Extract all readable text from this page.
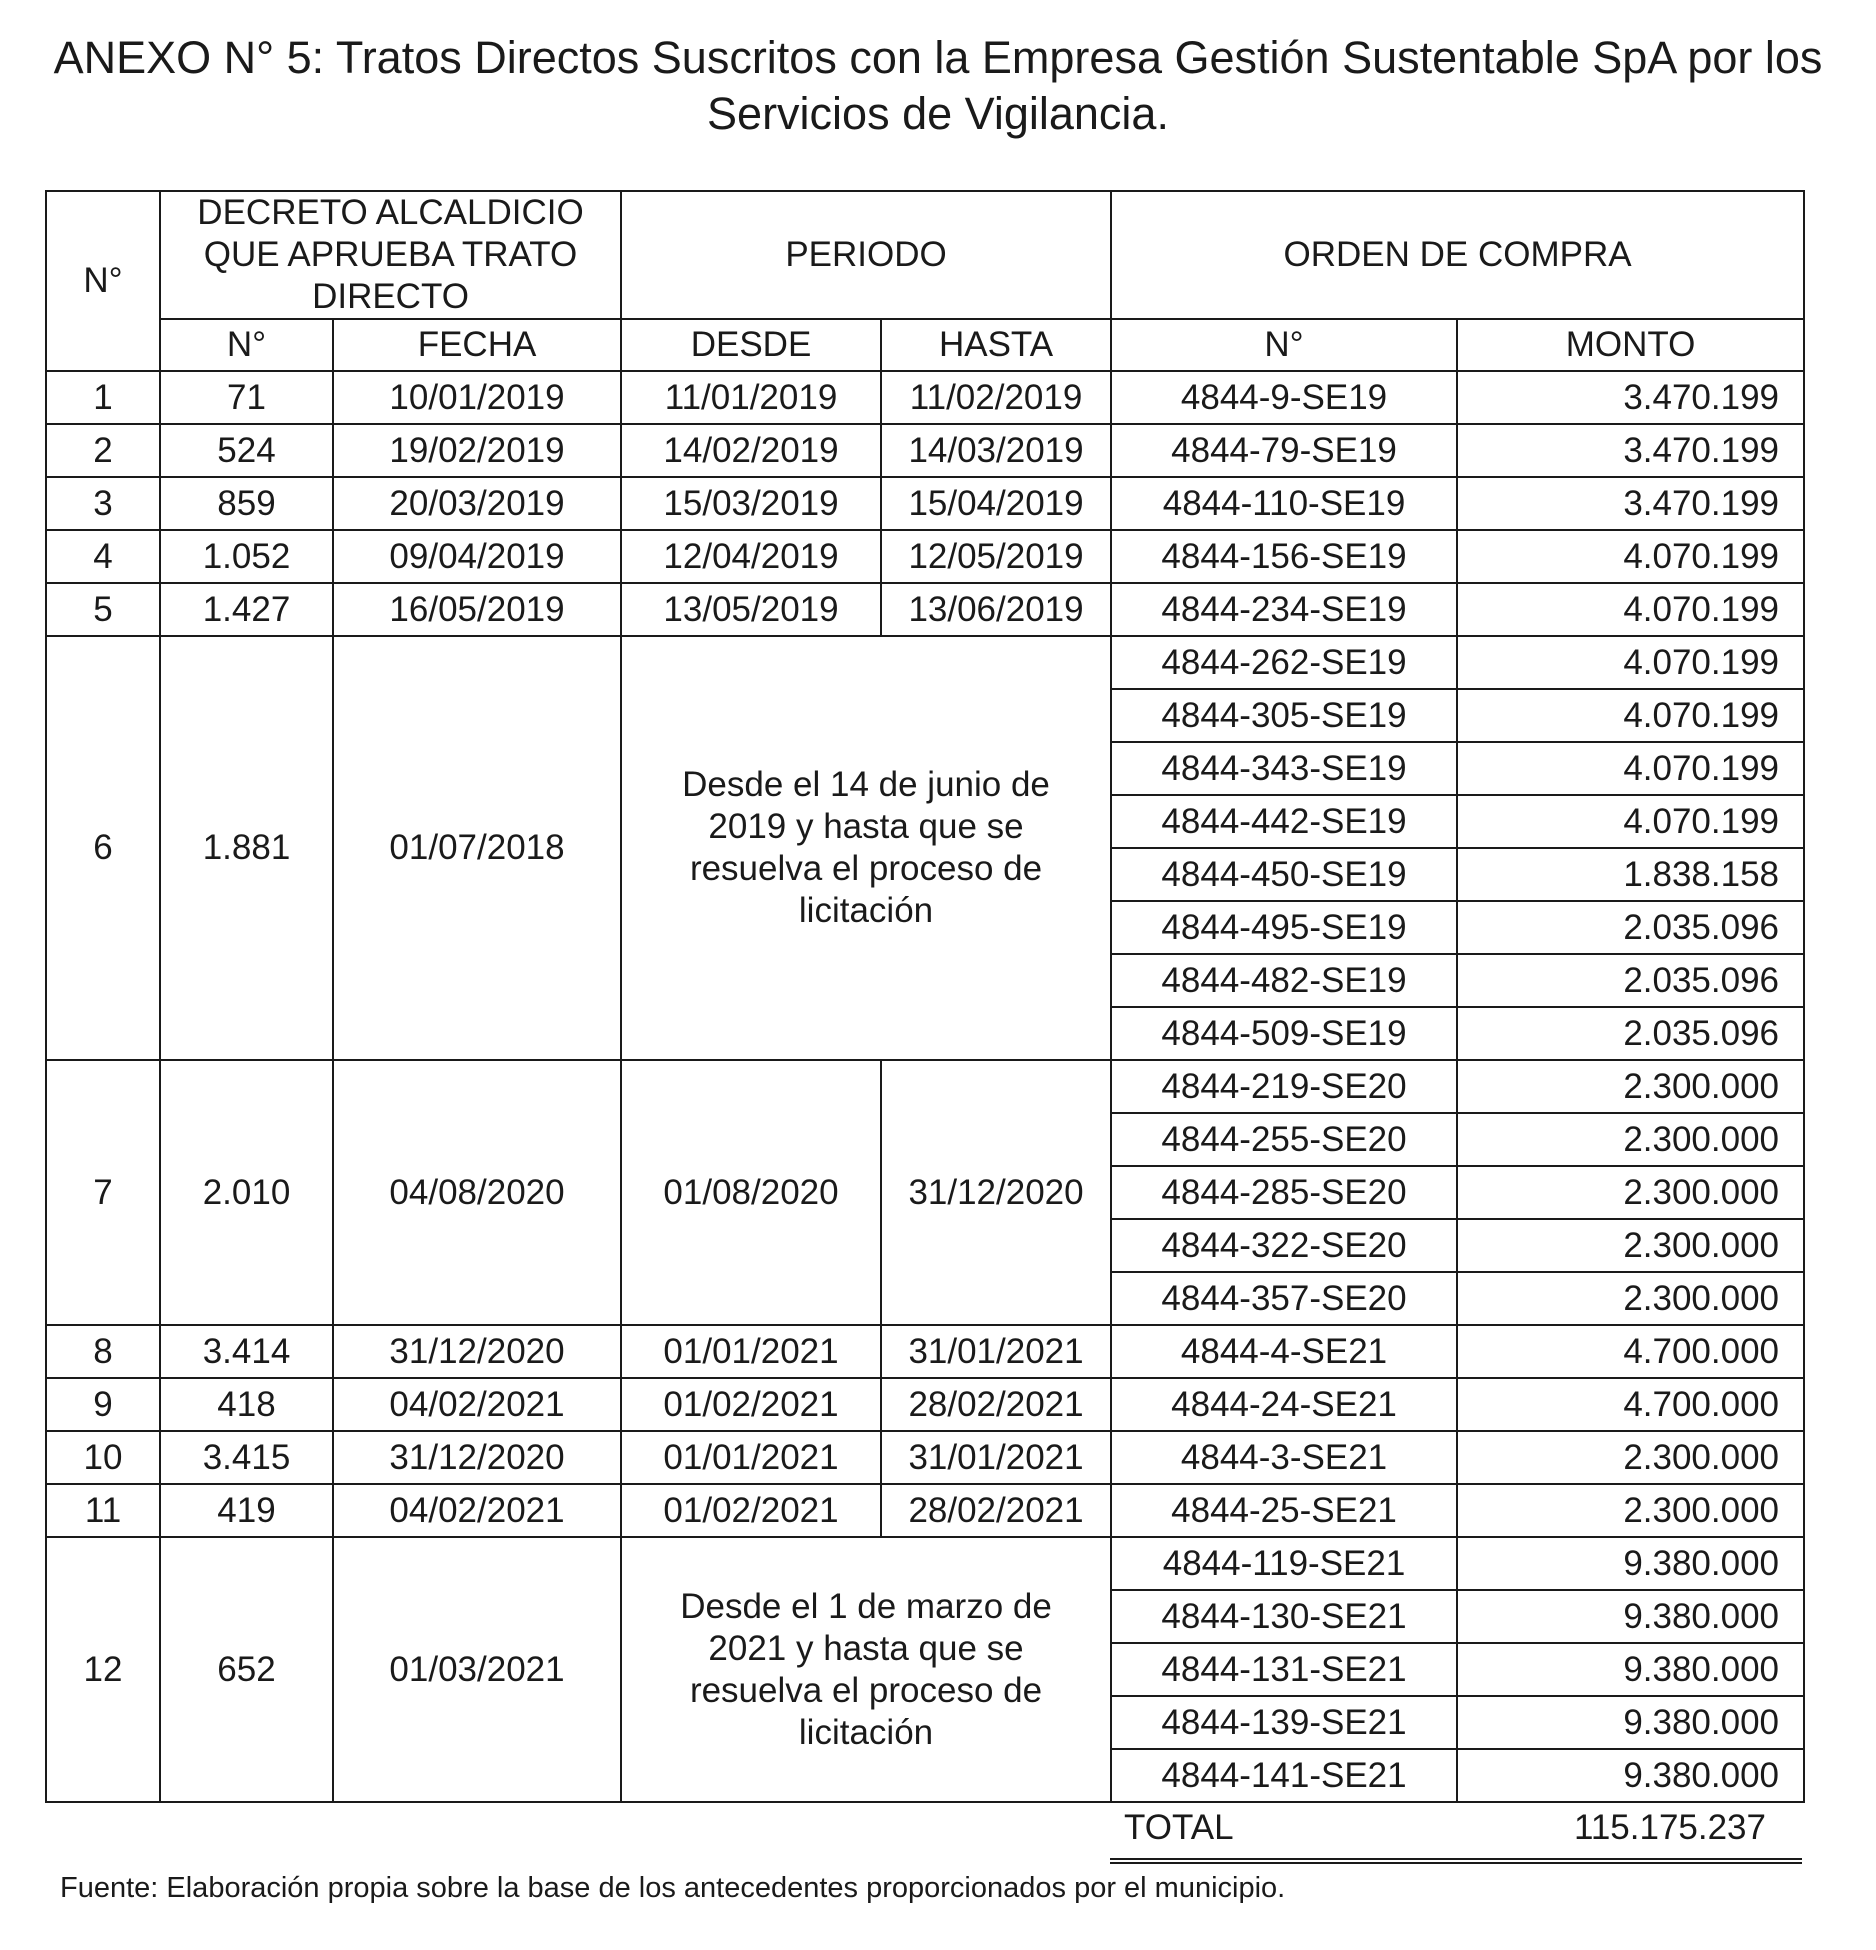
ANEXO N° 5: Tratos Directos Suscritos con la Empresa Gestión Sustentable SpA por los Servicios de Vigilancia.
N°	DECRETO ALCALDICIO QUE APRUEBA TRATO DIRECTO		PERIODO		ORDEN DE COMPRA	
	N°	FECHA	DESDE	HASTA	N°	MONTO
1	71	10/01/2019	11/01/2019	11/02/2019	4844-9-SE19	3.470.199
2	524	19/02/2019	14/02/2019	14/03/2019	4844-79-SE19	3.470.199
3	859	20/03/2019	15/03/2019	15/04/2019	4844-110-SE19	3.470.199
4	1.052	09/04/2019	12/04/2019	12/05/2019	4844-156-SE19	4.070.199
5	1.427	16/05/2019	13/05/2019	13/06/2019	4844-234-SE19	4.070.199
6	1.881	01/07/2018	Desde el 14 de junio de 2019 y hasta que se resuelva el proceso de licitación		4844-262-SE19	4.070.199
					4844-305-SE19	4.070.199
					4844-343-SE19	4.070.199
					4844-442-SE19	4.070.199
					4844-450-SE19	1.838.158
					4844-495-SE19	2.035.096
					4844-482-SE19	2.035.096
					4844-509-SE19	2.035.096
7	2.010	04/08/2020	01/08/2020	31/12/2020	4844-219-SE20	2.300.000
					4844-255-SE20	2.300.000
					4844-285-SE20	2.300.000
					4844-322-SE20	2.300.000
					4844-357-SE20	2.300.000
8	3.414	31/12/2020	01/01/2021	31/01/2021	4844-4-SE21	4.700.000
9	418	04/02/2021	01/02/2021	28/02/2021	4844-24-SE21	4.700.000
10	3.415	31/12/2020	01/01/2021	31/01/2021	4844-3-SE21	2.300.000
11	419	04/02/2021	01/02/2021	28/02/2021	4844-25-SE21	2.300.000
12	652	01/03/2021	Desde el 1 de marzo de 2021 y hasta que se resuelva el proceso de licitación		4844-119-SE21	9.380.000
					4844-130-SE21	9.380.000
					4844-131-SE21	9.380.000
					4844-139-SE21	9.380.000
					4844-141-SE21	9.380.000
TOTAL	115.175.237
Fuente: Elaboración propia sobre la base de los antecedentes proporcionados por el municipio.
